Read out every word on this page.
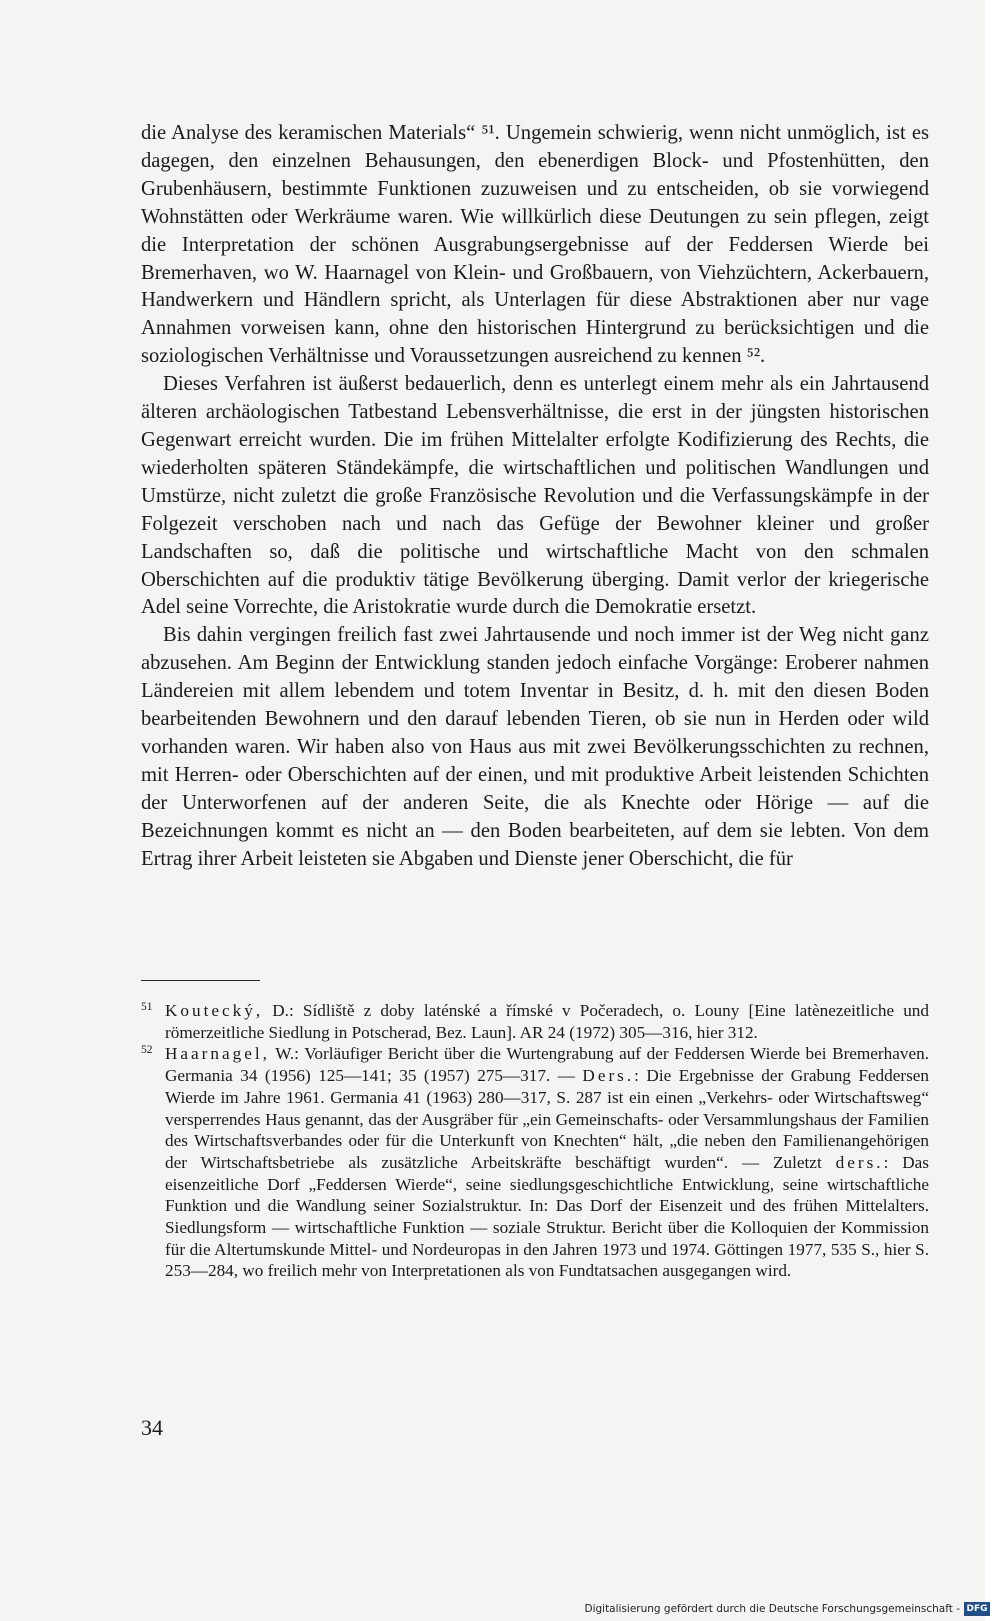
die Analyse des keramischen Materials“ ⁵¹. Ungemein schwierig, wenn nicht unmöglich, ist es dagegen, den einzelnen Behausungen, den ebenerdigen Block- und Pfostenhütten, den Grubenhäusern, bestimmte Funktionen zuzuweisen und zu entscheiden, ob sie vorwiegend Wohnstätten oder Werkräume waren. Wie willkürlich diese Deutungen zu sein pflegen, zeigt die Interpretation der schönen Ausgrabungsergebnisse auf der Feddersen Wierde bei Bremerhaven, wo W. Haarnagel von Klein- und Großbauern, von Viehzüchtern, Ackerbauern, Handwerkern und Händlern spricht, als Unterlagen für diese Abstraktionen aber nur vage Annahmen vorweisen kann, ohne den historischen Hintergrund zu berücksichtigen und die soziologischen Verhältnisse und Voraussetzungen ausreichend zu kennen ⁵².

Dieses Verfahren ist äußerst bedauerlich, denn es unterlegt einem mehr als ein Jahrtausend älteren archäologischen Tatbestand Lebensverhältnisse, die erst in der jüngsten historischen Gegenwart erreicht wurden. Die im frühen Mittelalter erfolgte Kodifizierung des Rechts, die wiederholten späteren Ständekämpfe, die wirtschaftlichen und politischen Wandlungen und Umstürze, nicht zuletzt die große Französische Revolution und die Verfassungskämpfe in der Folgezeit verschoben nach und nach das Gefüge der Bewohner kleiner und großer Landschaften so, daß die politische und wirtschaftliche Macht von den schmalen Oberschichten auf die produktiv tätige Bevölkerung überging. Damit verlor der kriegerische Adel seine Vorrechte, die Aristokratie wurde durch die Demokratie ersetzt.

Bis dahin vergingen freilich fast zwei Jahrtausende und noch immer ist der Weg nicht ganz abzusehen. Am Beginn der Entwicklung standen jedoch einfache Vorgänge: Eroberer nahmen Ländereien mit allem lebendem und totem Inventar in Besitz, d. h. mit den diesen Boden bearbeitenden Bewohnern und den darauf lebenden Tieren, ob sie nun in Herden oder wild vorhanden waren. Wir haben also von Haus aus mit zwei Bevölkerungsschichten zu rechnen, mit Herren- oder Oberschichten auf der einen, und mit produktive Arbeit leistenden Schichten der Unterworfenen auf der anderen Seite, die als Knechte oder Hörige — auf die Bezeichnungen kommt es nicht an — den Boden bearbeiteten, auf dem sie lebten. Von dem Ertrag ihrer Arbeit leisteten sie Abgaben und Dienste jener Oberschicht, die für

51 Koutecký, D.: Sídliště z doby laténské a římské v Počeradech, o. Louny [Eine latènezeitliche und römerzeitliche Siedlung in Potscherad, Bez. Laun]. AR 24 (1972) 305—316, hier 312.

52 Haarnagel, W.: Vorläufiger Bericht über die Wurtengrabung auf der Feddersen Wierde bei Bremerhaven. Germania 34 (1956) 125—141; 35 (1957) 275—317. — Ders.: Die Ergebnisse der Grabung Feddersen Wierde im Jahre 1961. Germania 41 (1963) 280—317, S. 287 ist ein einen „Verkehrs- oder Wirtschaftsweg“ versperrendes Haus genannt, das der Ausgräber für „ein Gemeinschafts- oder Versammlungshaus der Familien des Wirtschaftsverbandes oder für die Unterkunft von Knechten“ hält, „die neben den Familienangehörigen der Wirtschaftsbetriebe als zusätzliche Arbeitskräfte beschäftigt wurden“. — Zuletzt ders.: Das eisenzeitliche Dorf „Feddersen Wierde“, seine siedlungsgeschichtliche Entwicklung, seine wirtschaftliche Funktion und die Wandlung seiner Sozialstruktur. In: Das Dorf der Eisenzeit und des frühen Mittelalters. Siedlungsform — wirtschaftliche Funktion — soziale Struktur. Bericht über die Kolloquien der Kommission für die Altertumskunde Mittel- und Nordeuropas in den Jahren 1973 und 1974. Göttingen 1977, 535 S., hier S. 253—284, wo freilich mehr von Interpretationen als von Fundtatsachen ausgegangen wird.

34
Digitalisierung gefördert durch die Deutsche Forschungsgemeinschaft - DFG
